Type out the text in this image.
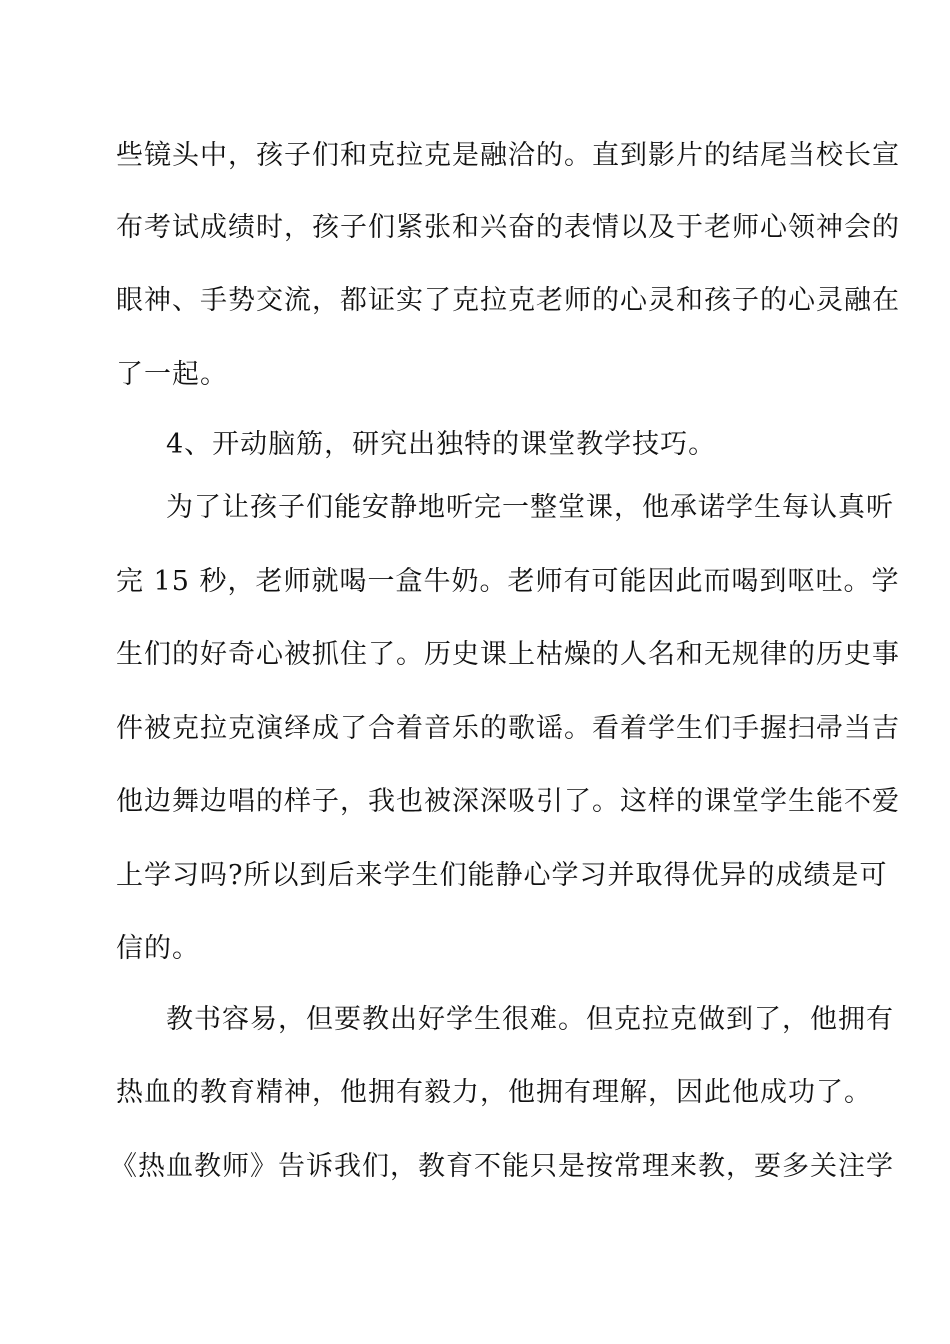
些镜头中，孩子们和克拉克是融洽的。直到影片的结尾当校长宣
布考试成绩时，孩子们紧张和兴奋的表情以及于老师心领神会的
眼神、手势交流，都证实了克拉克老师的心灵和孩子的心灵融在
了一起。
4、开动脑筋，研究出独特的课堂教学技巧。
为了让孩子们能安静地听完一整堂课，他承诺学生每认真听
完 15 秒，老师就喝一盒牛奶。老师有可能因此而喝到呕吐。学
生们的好奇心被抓住了。历史课上枯燥的人名和无规律的历史事
件被克拉克演绎成了合着音乐的歌谣。看着学生们手握扫帚当吉
他边舞边唱的样子，我也被深深吸引了。这样的课堂学生能不爱
上学习吗?所以到后来学生们能静心学习并取得优异的成绩是可
信的。
教书容易，但要教出好学生很难。但克拉克做到了，他拥有
热血的教育精神，他拥有毅力，他拥有理解，因此他成功了。
《热血教师》告诉我们，教育不能只是按常理来教，要多关注学
